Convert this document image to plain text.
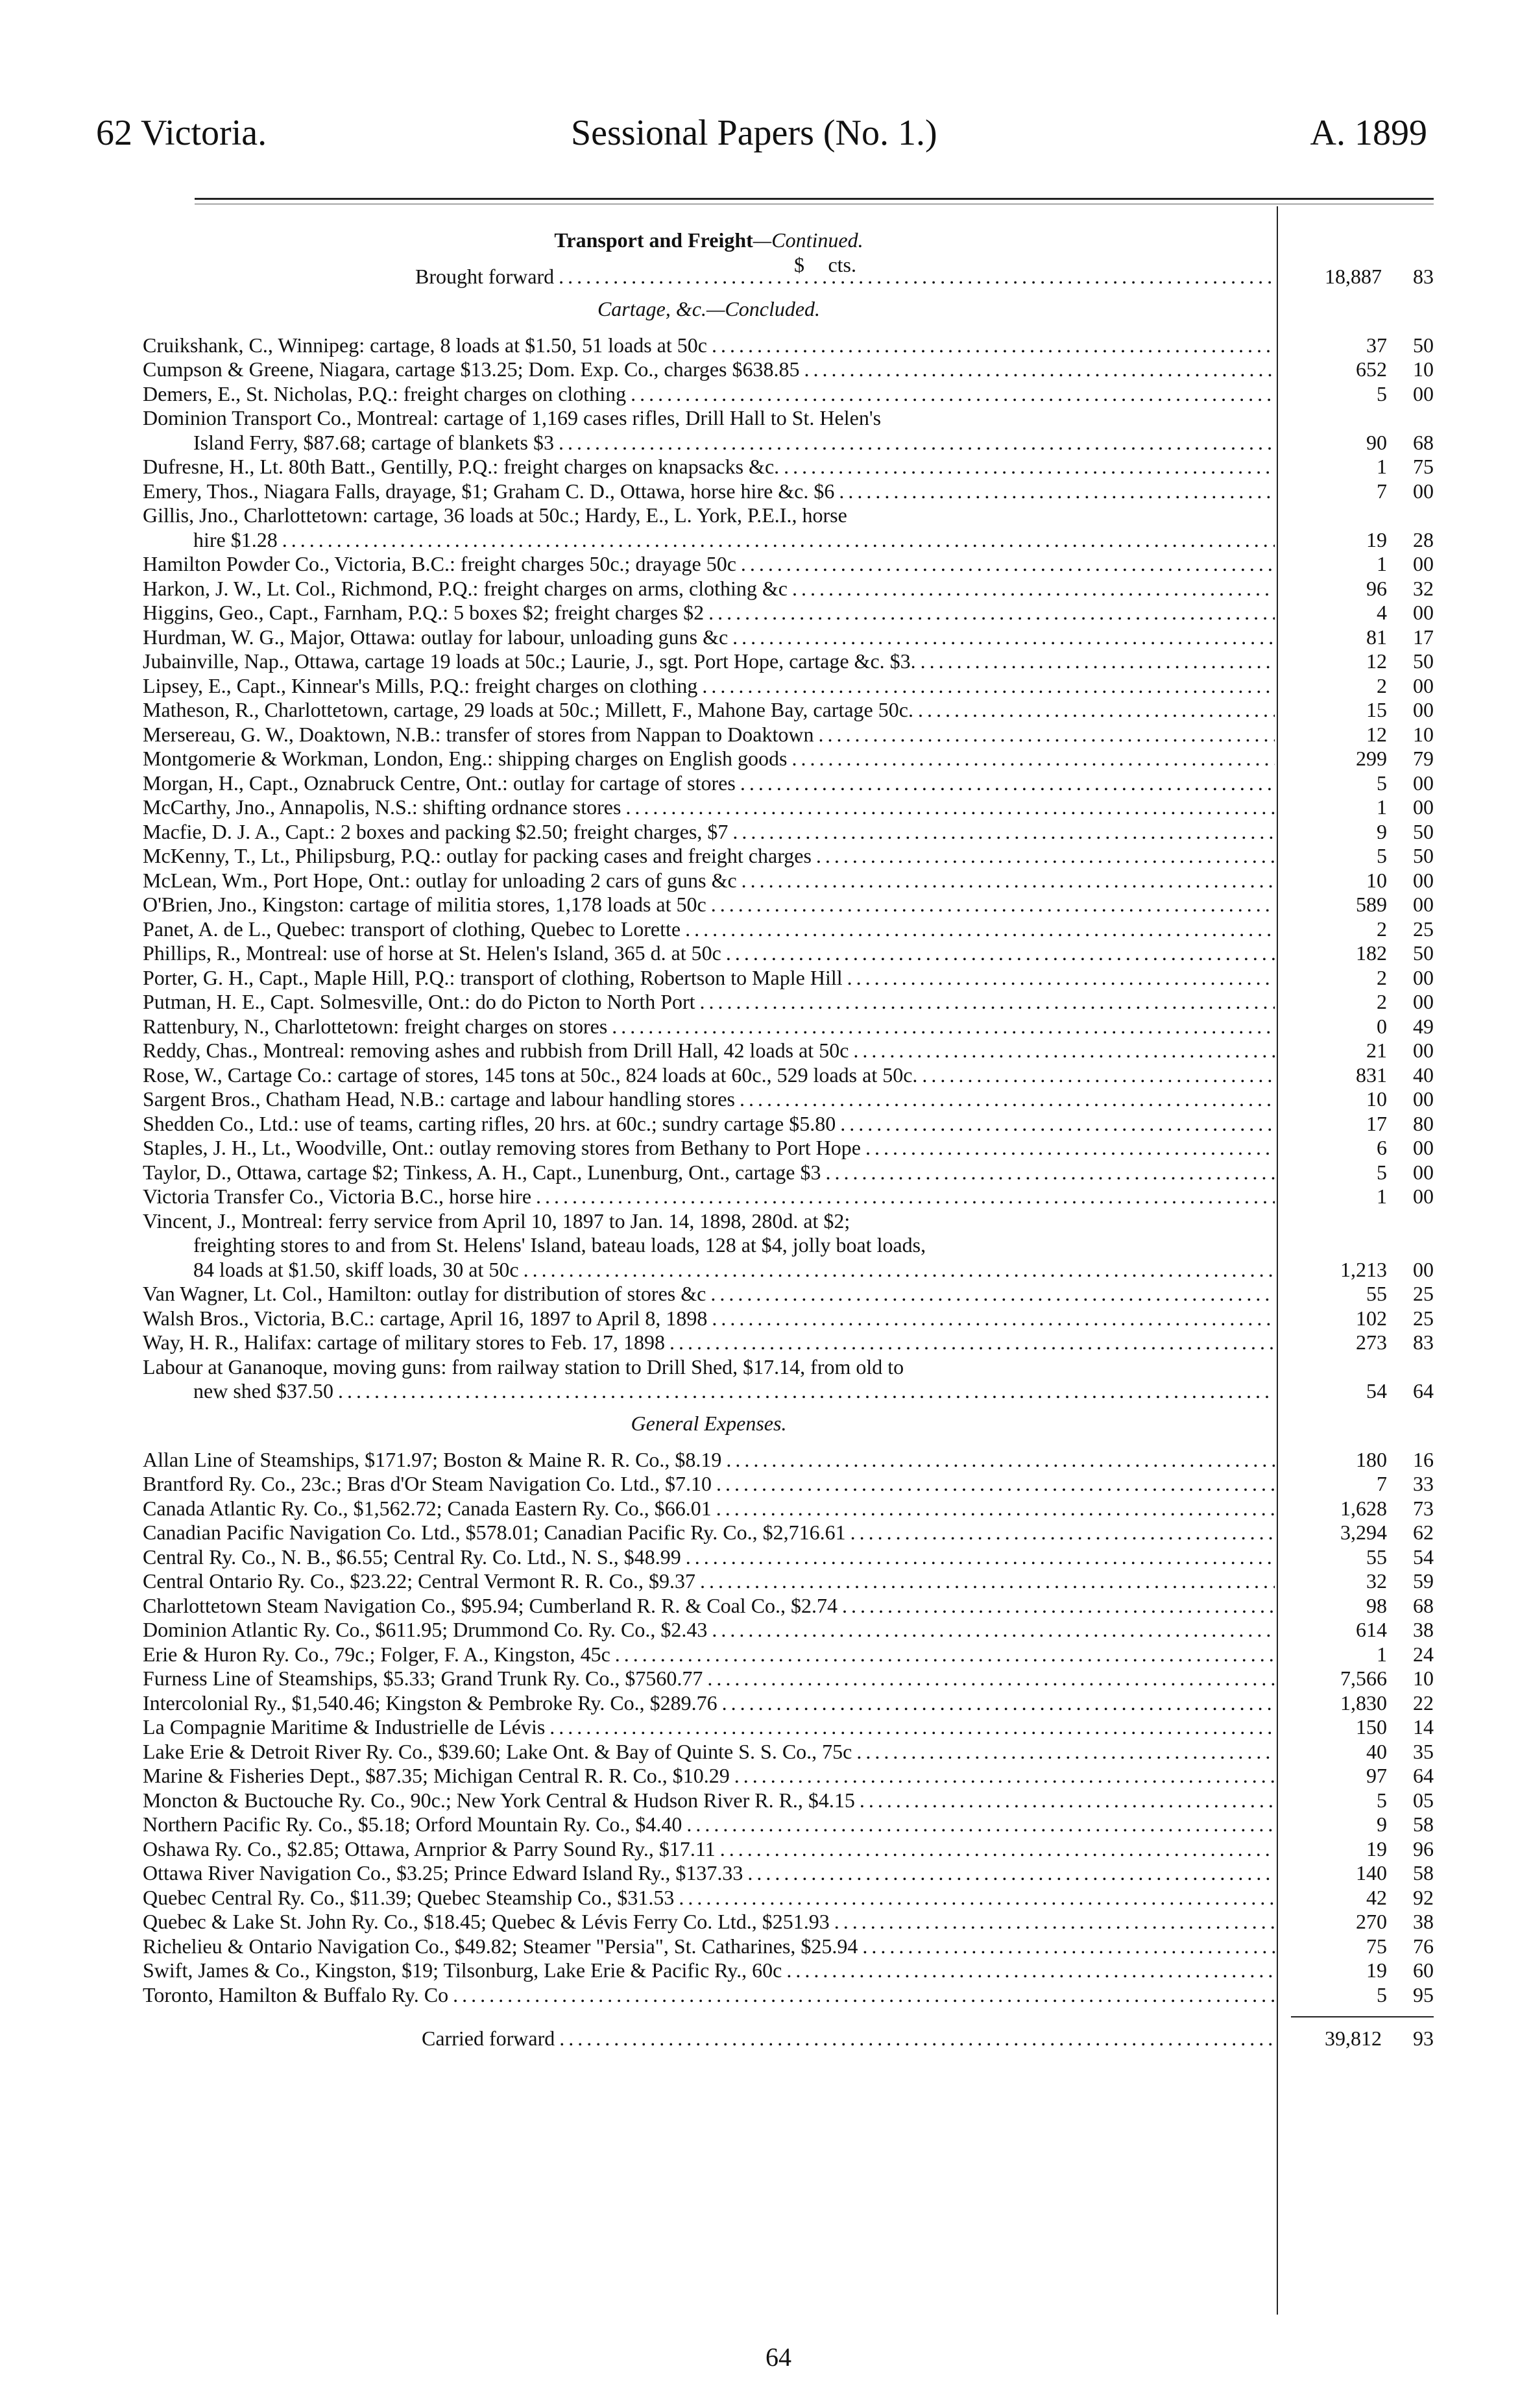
62 Victoria.	Sessional Papers (No. 1.)	A. 1899
Transport and Freight—Continued.
$ cts.
Brought forward . . .	18,887 83
Cartage, &c.—Concluded.
Cruikshank, C., Winnipeg: cartage, 8 loads at $1.50, 51 loads at 50c . . .	37 50
Cumpson & Greene, Niagara, cartage $13.25; Dom. Exp. Co., charges $638.85 . . .	652 10
Demers, E., St. Nicholas, P.Q.: freight charges on clothing . . .	5 00
Dominion Transport Co., Montreal: cartage of 1,169 cases rifles, Drill Hall to St. Helen's
Island Ferry, $87.68; cartage of blankets $3 . . .	90 68
Dufresne, H., Lt. 80th Batt., Gentilly, P.Q.: freight charges on knapsacks &c. . . .	1 75
Emery, Thos., Niagara Falls, drayage, $1; Graham C. D., Ottawa, horse hire &c. $6 . . .	7 00
Gillis, Jno., Charlottetown: cartage, 36 loads at 50c.; Hardy, E., L. York, P.E.I., horse
hire $1.28 . . .	19 28
Hamilton Powder Co., Victoria, B.C.: freight charges 50c.; drayage 50c . . .	1 00
Harkon, J. W., Lt. Col., Richmond, P.Q.: freight charges on arms, clothing &c . . .	96 32
Higgins, Geo., Capt., Farnham, P.Q.: 5 boxes $2; freight charges $2 . . .	4 00
Hurdman, W. G., Major, Ottawa: outlay for labour, unloading guns &c . . .	81 17
Jubainville, Nap., Ottawa, cartage 19 loads at 50c.; Laurie, J., sgt. Port Hope, cartage &c. $3. . . .	12 50
Lipsey, E., Capt., Kinnear's Mills, P.Q.: freight charges on clothing . . .	2 00
Matheson, R., Charlottetown, cartage, 29 loads at 50c.; Millett, F., Mahone Bay, cartage 50c. . . .	15 00
Mersereau, G. W., Doaktown, N.B.: transfer of stores from Nappan to Doaktown . . .	12 10
Montgomerie & Workman, London, Eng.: shipping charges on English goods . . .	299 79
Morgan, H., Capt., Oznabruck Centre, Ont.: outlay for cartage of stores . . .	5 00
McCarthy, Jno., Annapolis, N.S.: shifting ordnance stores . . .	1 00
Macfie, D. J. A., Capt.: 2 boxes and packing $2.50; freight charges, $7 . . .	9 50
McKenny, T., Lt., Philipsburg, P.Q.: outlay for packing cases and freight charges . . .	5 50
McLean, Wm., Port Hope, Ont.: outlay for unloading 2 cars of guns &c . . .	10 00
O'Brien, Jno., Kingston: cartage of militia stores, 1,178 loads at 50c . . .	589 00
Panet, A. de L., Quebec: transport of clothing, Quebec to Lorette . . .	2 25
Phillips, R., Montreal: use of horse at St. Helen's Island, 365 d. at 50c . . .	182 50
Porter, G. H., Capt., Maple Hill, P.Q.: transport of clothing, Robertson to Maple Hill . . .	2 00
Putman, H. E., Capt. Solmesville, Ont.: do do Picton to North Port . . .	2 00
Rattenbury, N., Charlottetown: freight charges on stores . . .	0 49
Reddy, Chas., Montreal: removing ashes and rubbish from Drill Hall, 42 loads at 50c . . .	21 00
Rose, W., Cartage Co.: cartage of stores, 145 tons at 50c., 824 loads at 60c., 529 loads at 50c. . . .	831 40
Sargent Bros., Chatham Head, N.B.: cartage and labour handling stores . . .	10 00
Shedden Co., Ltd.: use of teams, carting rifles, 20 hrs. at 60c.; sundry cartage $5.80 . . .	17 80
Staples, J. H., Lt., Woodville, Ont.: outlay removing stores from Bethany to Port Hope . . .	6 00
Taylor, D., Ottawa, cartage $2; Tinkess, A. H., Capt., Lunenburg, Ont., cartage $3 . . .	5 00
Victoria Transfer Co., Victoria B.C., horse hire . . .	1 00
Vincent, J., Montreal: ferry service from April 10, 1897 to Jan. 14, 1898, 280d. at $2;
freighting stores to and from St. Helens' Island, bateau loads, 128 at $4, jolly boat loads,
84 loads at $1.50, skiff loads, 30 at 50c . . .	1,213 00
Van Wagner, Lt. Col., Hamilton: outlay for distribution of stores &c . . .	55 25
Walsh Bros., Victoria, B.C.: cartage, April 16, 1897 to April 8, 1898 . . .	102 25
Way, H. R., Halifax: cartage of military stores to Feb. 17, 1898 . . .	273 83
Labour at Gananoque, moving guns: from railway station to Drill Shed, $17.14, from old to
new shed $37.50 . . .	54 64
General Expenses.
Allan Line of Steamships, $171.97; Boston & Maine R. R. Co., $8.19 . . .	180 16
Brantford Ry. Co., 23c.; Bras d'Or Steam Navigation Co. Ltd., $7.10 . . .	7 33
Canada Atlantic Ry. Co., $1,562.72; Canada Eastern Ry. Co., $66.01 . . .	1,628 73
Canadian Pacific Navigation Co. Ltd., $578.01; Canadian Pacific Ry. Co., $2,716.61 . . .	3,294 62
Central Ry. Co., N. B., $6.55; Central Ry. Co. Ltd., N. S., $48.99 . . .	55 54
Central Ontario Ry. Co., $23.22; Central Vermont R. R. Co., $9.37 . . .	32 59
Charlottetown Steam Navigation Co., $95.94; Cumberland R. R. & Coal Co., $2.74 . . .	98 68
Dominion Atlantic Ry. Co., $611.95; Drummond Co. Ry. Co., $2.43 . . .	614 38
Erie & Huron Ry. Co., 79c.; Folger, F. A., Kingston, 45c . . .	1 24
Furness Line of Steamships, $5.33; Grand Trunk Ry. Co., $7560.77 . . .	7,566 10
Intercolonial Ry., $1,540.46; Kingston & Pembroke Ry. Co., $289.76 . . .	1,830 22
La Compagnie Maritime & Industrielle de Lévis . . .	150 14
Lake Erie & Detroit River Ry. Co., $39.60; Lake Ont. & Bay of Quinte S. S. Co., 75c . . .	40 35
Marine & Fisheries Dept., $87.35; Michigan Central R. R. Co., $10.29 . . .	97 64
Moncton & Buctouche Ry. Co., 90c.; New York Central & Hudson River R. R., $4.15 . . .	5 05
Northern Pacific Ry. Co., $5.18; Orford Mountain Ry. Co., $4.40 . . .	9 58
Oshawa Ry. Co., $2.85; Ottawa, Arnprior & Parry Sound Ry., $17.11 . . .	19 96
Ottawa River Navigation Co., $3.25; Prince Edward Island Ry., $137.33 . . .	140 58
Quebec Central Ry. Co., $11.39; Quebec Steamship Co., $31.53 . . .	42 92
Quebec & Lake St. John Ry. Co., $18.45; Quebec & Lévis Ferry Co. Ltd., $251.93 . . .	270 38
Richelieu & Ontario Navigation Co., $49.82; Steamer "Persia", St. Catharines, $25.94 . . .	75 76
Swift, James & Co., Kingston, $19; Tilsonburg, Lake Erie & Pacific Ry., 60c . . .	19 60
Toronto, Hamilton & Buffalo Ry. Co . . .	5 95
Carried forward . . .	39,812 93
64
